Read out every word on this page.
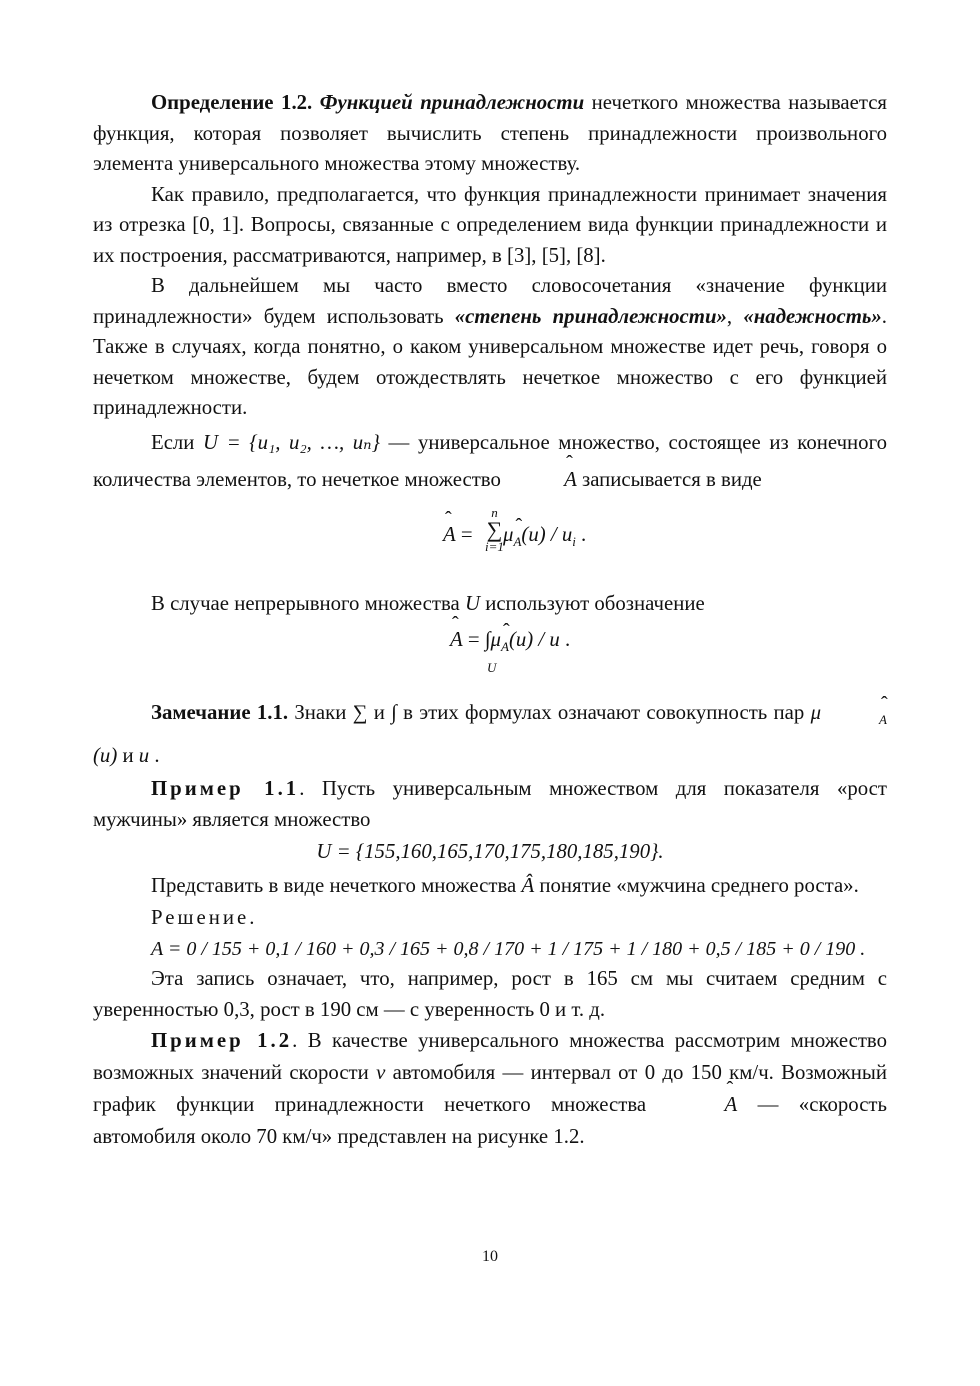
Определение 1.2. Функцией принадлежности нечеткого множества называется функция, которая позволяет вычислить степень принадлежности произвольного элемента универсального множества этому множеству.

Как правило, предполагается, что функция принадлежности принимает значения из отрезка [0, 1]. Вопросы, связанные с определением вида функции принадлежности и их построения, рассматриваются, например, в [3], [5], [8].

В дальнейшем мы часто вместо словосочетания «значение функции принадлежности» будем использовать «степень принадлежности», «надежность». Также в случаях, когда понятно, о каком универсальном множестве идет речь, говоря о нечетком множестве, будем отождествлять нечеткое множество с его функцией принадлежности.

Если U = {u₁, u₂, …, uₙ} — универсальное множество, состоящее из конечного количества элементов, то нечеткое множество	ˆ A записывается в виде

ˆ A =
n
∑
i=1
μˆ $_A(u) / u_i$ .

В случае непрерывного множества U используют обозначение

ˆ A = ∫μˆ $_A$(u) / u .
U

Замечание 1.1. Знаки ∑ и ∫ в этих формулах означают совокупность пар μ	ˆ $_A$(u) и u .

Пример 1.1. Пусть универсальным множеством для показателя «рост мужчины» является множество

U = {155,160,165,170,175,180,185,190}.

Представить в виде нечеткого множества Â понятие «мужчина среднего роста».

Решение.

A = 0 / 155 + 0,1 / 160 + 0,3 / 165 + 0,8 / 170 + 1 / 175 + 1 / 180 + 0,5 / 185 + 0 / 190 .

Эта запись означает, что, например, рост в 165 см мы считаем средним с уверенностью 0,3, рост в 190 см — с уверенность 0 и т. д.

Пример 1.2. В качестве универсального множества рассмотрим множество возможных значений скорости v автомобиля — интервал от 0 до 150 км/ч. Возможный график функции принадлежности нечеткого множества	ˆ A — «скорость автомобиля около 70 км/ч» представлен на рисунке 1.2.

10
